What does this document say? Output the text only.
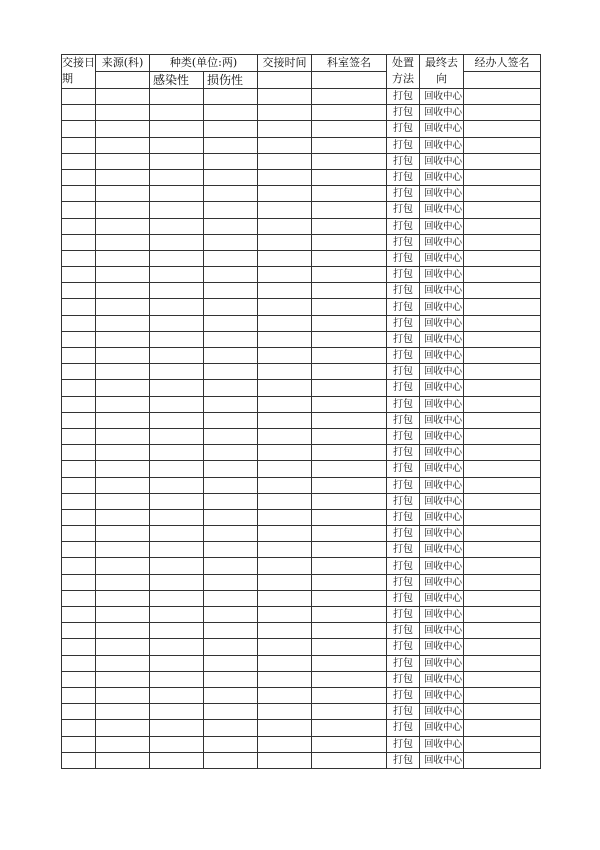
交接日期	来源(科)	种类(单位:两)		交接时间	科室签名	处置方法	最终去向	经办人签名
		感染性	损伤性					
						打包	回收中心	
						打包	回收中心	
						打包	回收中心	
						打包	回收中心	
						打包	回收中心	
						打包	回收中心	
						打包	回收中心	
						打包	回收中心	
						打包	回收中心	
						打包	回收中心	
						打包	回收中心	
						打包	回收中心	
						打包	回收中心	
						打包	回收中心	
						打包	回收中心	
						打包	回收中心	
						打包	回收中心	
						打包	回收中心	
						打包	回收中心	
						打包	回收中心	
						打包	回收中心	
						打包	回收中心	
						打包	回收中心	
						打包	回收中心	
						打包	回收中心	
						打包	回收中心	
						打包	回收中心	
						打包	回收中心	
						打包	回收中心	
						打包	回收中心	
						打包	回收中心	
						打包	回收中心	
						打包	回收中心	
						打包	回收中心	
						打包	回收中心	
						打包	回收中心	
						打包	回收中心	
						打包	回收中心	
						打包	回收中心	
						打包	回收中心	
						打包	回收中心	
						打包	回收中心	
